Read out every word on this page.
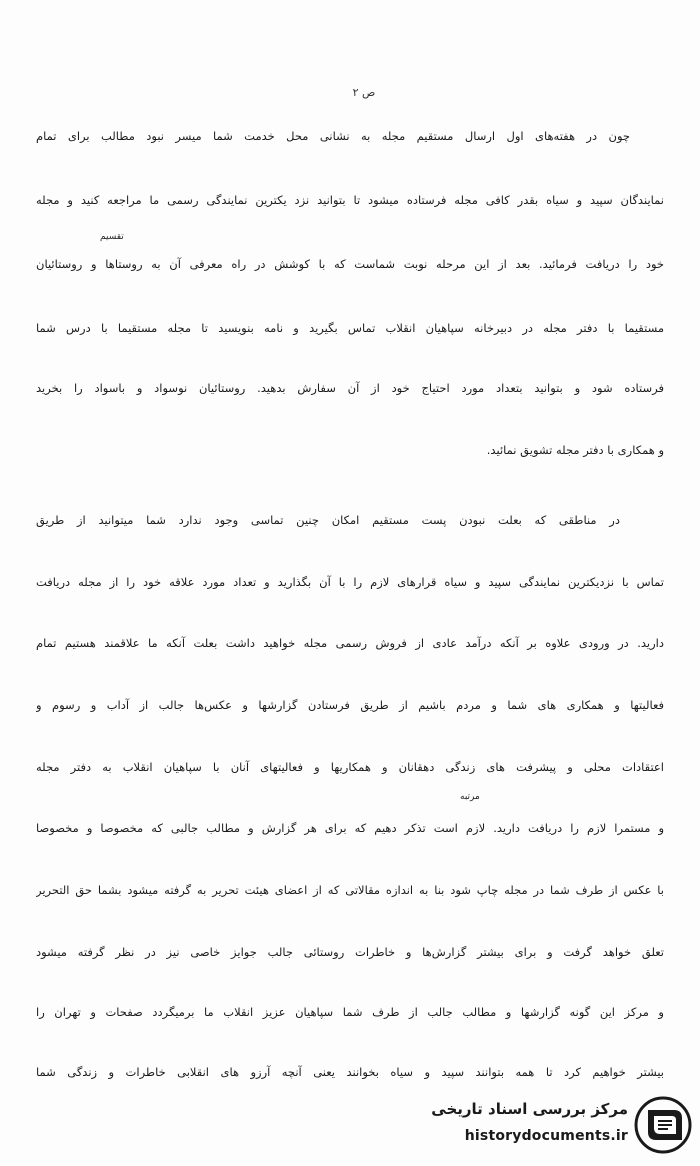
ص ۲
تقسیم
مرتبه
چون در هفته‌های اول ارسال مستقیم مجله به نشانی محل خدمت شما میسر نبود مطالب برای تمام
نمایندگان سپید و سیاه بقدر کافی مجله فرستاده میشود تا بتوانید نزد یکترین نمایندگی رسمی ما مراجعه کنید و مجله
خود را دریافت فرمائید. بعد از این مرحله نوبت شماست که با کوشش در راه معرفی آن به روستاها و روستائیان
مستقیما با دفتر مجله در دبیرخانه سپاهیان انقلاب تماس بگیرید و نامه بنویسید تا مجله مستقیما با درس شما
فرستاده شود و بتوانید بتعداد مورد احتیاج خود از آن سفارش بدهید. روستائیان نوسواد و باسواد را بخرید
و همکاری با دفتر مجله تشویق نمائید.
در مناطقی که بعلت نبودن پست مستقیم امکان چنین تماسی وجود ندارد شما میتوانید از طریق
تماس با نزدیکترین نمایندگی سپید و سیاه قرارهای لازم را با آن بگذارید و تعداد مورد علاقه خود را از مجله دریافت
دارید. در ورودی علاوه بر آنکه درآمد عادی از فروش رسمی مجله خواهید داشت بعلت آنکه ما علاقمند هستیم تمام
فعالیتها و همکاری های شما و مردم باشیم از طریق فرستادن گزارشها و عکس‌ها جالب از آداب و رسوم و
اعتقادات محلی و پیشرفت های زندگی دهقانان و همکاریها و فعالیتهای آنان با سپاهیان انقلاب به دفتر مجله
و مستمرا لازم را دریافت دارید. لازم است تذکر دهیم که برای هر گزارش و مطالب جالبی که مخصوصا و مخصوصا
با عکس از طرف شما در مجله چاپ شود بنا به اندازه مقالاتی که از اعضای هیئت تحریر به گرفته میشود بشما حق التحریر
تعلق خواهد گرفت و برای بیشتر گزارش‌ها و خاطرات روستائی جالب جوایز خاصی نیز در نظر گرفته میشود
و مرکز این گونه گزارشها و مطالب جالب از طرف شما سپاهیان عزیز انقلاب ما برمیگردد صفحات و تهران را
بیشتر خواهیم کرد تا همه بتوانند سپید و سیاه بخوانند یعنی آنچه آرزو های انقلابی خاطرات و زندگی شما
مرکز بررسی اسناد تاریخی
historydocuments.ir
